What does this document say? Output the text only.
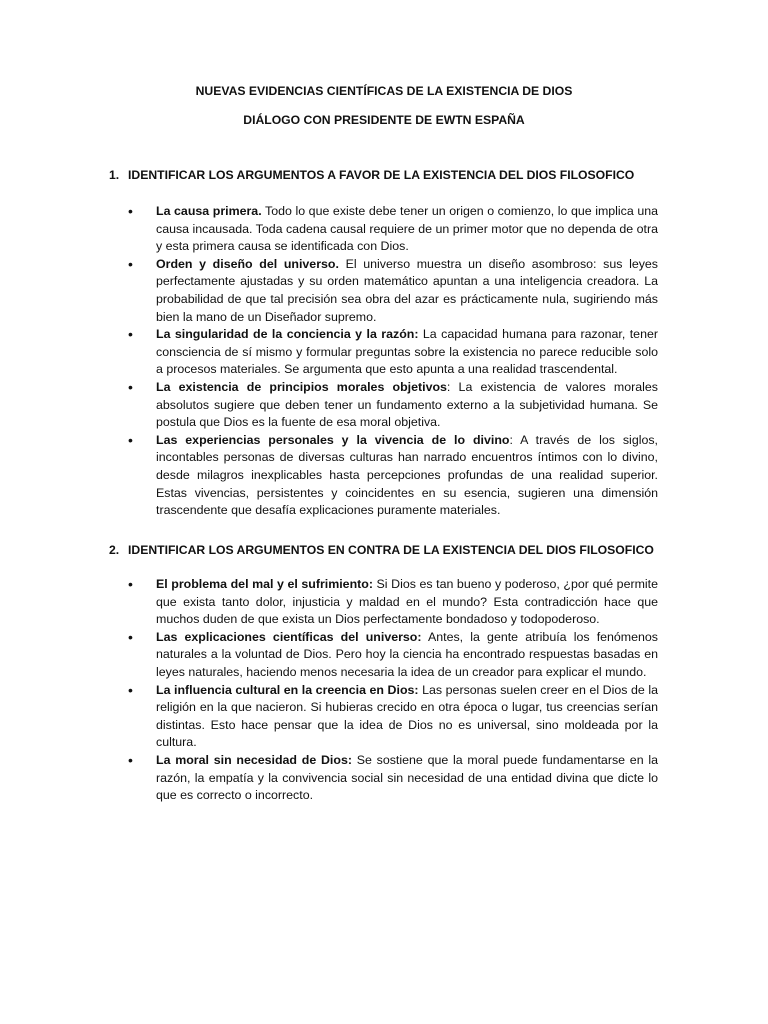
NUEVAS EVIDENCIAS CIENTÍFICAS DE LA EXISTENCIA DE DIOS

DIÁLOGO CON PRESIDENTE DE EWTN ESPAÑA

1. IDENTIFICAR LOS ARGUMENTOS A FAVOR DE LA EXISTENCIA DEL DIOS FILOSOFICO

• La causa primera. Todo lo que existe debe tener un origen o comienzo, lo que implica una causa incausada. Toda cadena causal requiere de un primer motor que no dependa de otra y esta primera causa se identificada con Dios.
• Orden y diseño del universo. El universo muestra un diseño asombroso: sus leyes perfectamente ajustadas y su orden matemático apuntan a una inteligencia creadora. La probabilidad de que tal precisión sea obra del azar es prácticamente nula, sugiriendo más bien la mano de un Diseñador supremo.
• La singularidad de la conciencia y la razón: La capacidad humana para razonar, tener consciencia de sí mismo y formular preguntas sobre la existencia no parece reducible solo a procesos materiales. Se argumenta que esto apunta a una realidad trascendental.
• La existencia de principios morales objetivos: La existencia de valores morales absolutos sugiere que deben tener un fundamento externo a la subjetividad humana. Se postula que Dios es la fuente de esa moral objetiva.
• Las experiencias personales y la vivencia de lo divino: A través de los siglos, incontables personas de diversas culturas han narrado encuentros íntimos con lo divino, desde milagros inexplicables hasta percepciones profundas de una realidad superior. Estas vivencias, persistentes y coincidentes en su esencia, sugieren una dimensión trascendente que desafía explicaciones puramente materiales.

2. IDENTIFICAR LOS ARGUMENTOS EN CONTRA DE LA EXISTENCIA DEL DIOS FILOSOFICO

• El problema del mal y el sufrimiento: Si Dios es tan bueno y poderoso, ¿por qué permite que exista tanto dolor, injusticia y maldad en el mundo? Esta contradicción hace que muchos duden de que exista un Dios perfectamente bondadoso y todopoderoso.
• Las explicaciones científicas del universo: Antes, la gente atribuía los fenómenos naturales a la voluntad de Dios. Pero hoy la ciencia ha encontrado respuestas basadas en leyes naturales, haciendo menos necesaria la idea de un creador para explicar el mundo.
• La influencia cultural en la creencia en Dios: Las personas suelen creer en el Dios de la religión en la que nacieron. Si hubieras crecido en otra época o lugar, tus creencias serían distintas. Esto hace pensar que la idea de Dios no es universal, sino moldeada por la cultura.
• La moral sin necesidad de Dios: Se sostiene que la moral puede fundamentarse en la razón, la empatía y la convivencia social sin necesidad de una entidad divina que dicte lo que es correcto o incorrecto.
